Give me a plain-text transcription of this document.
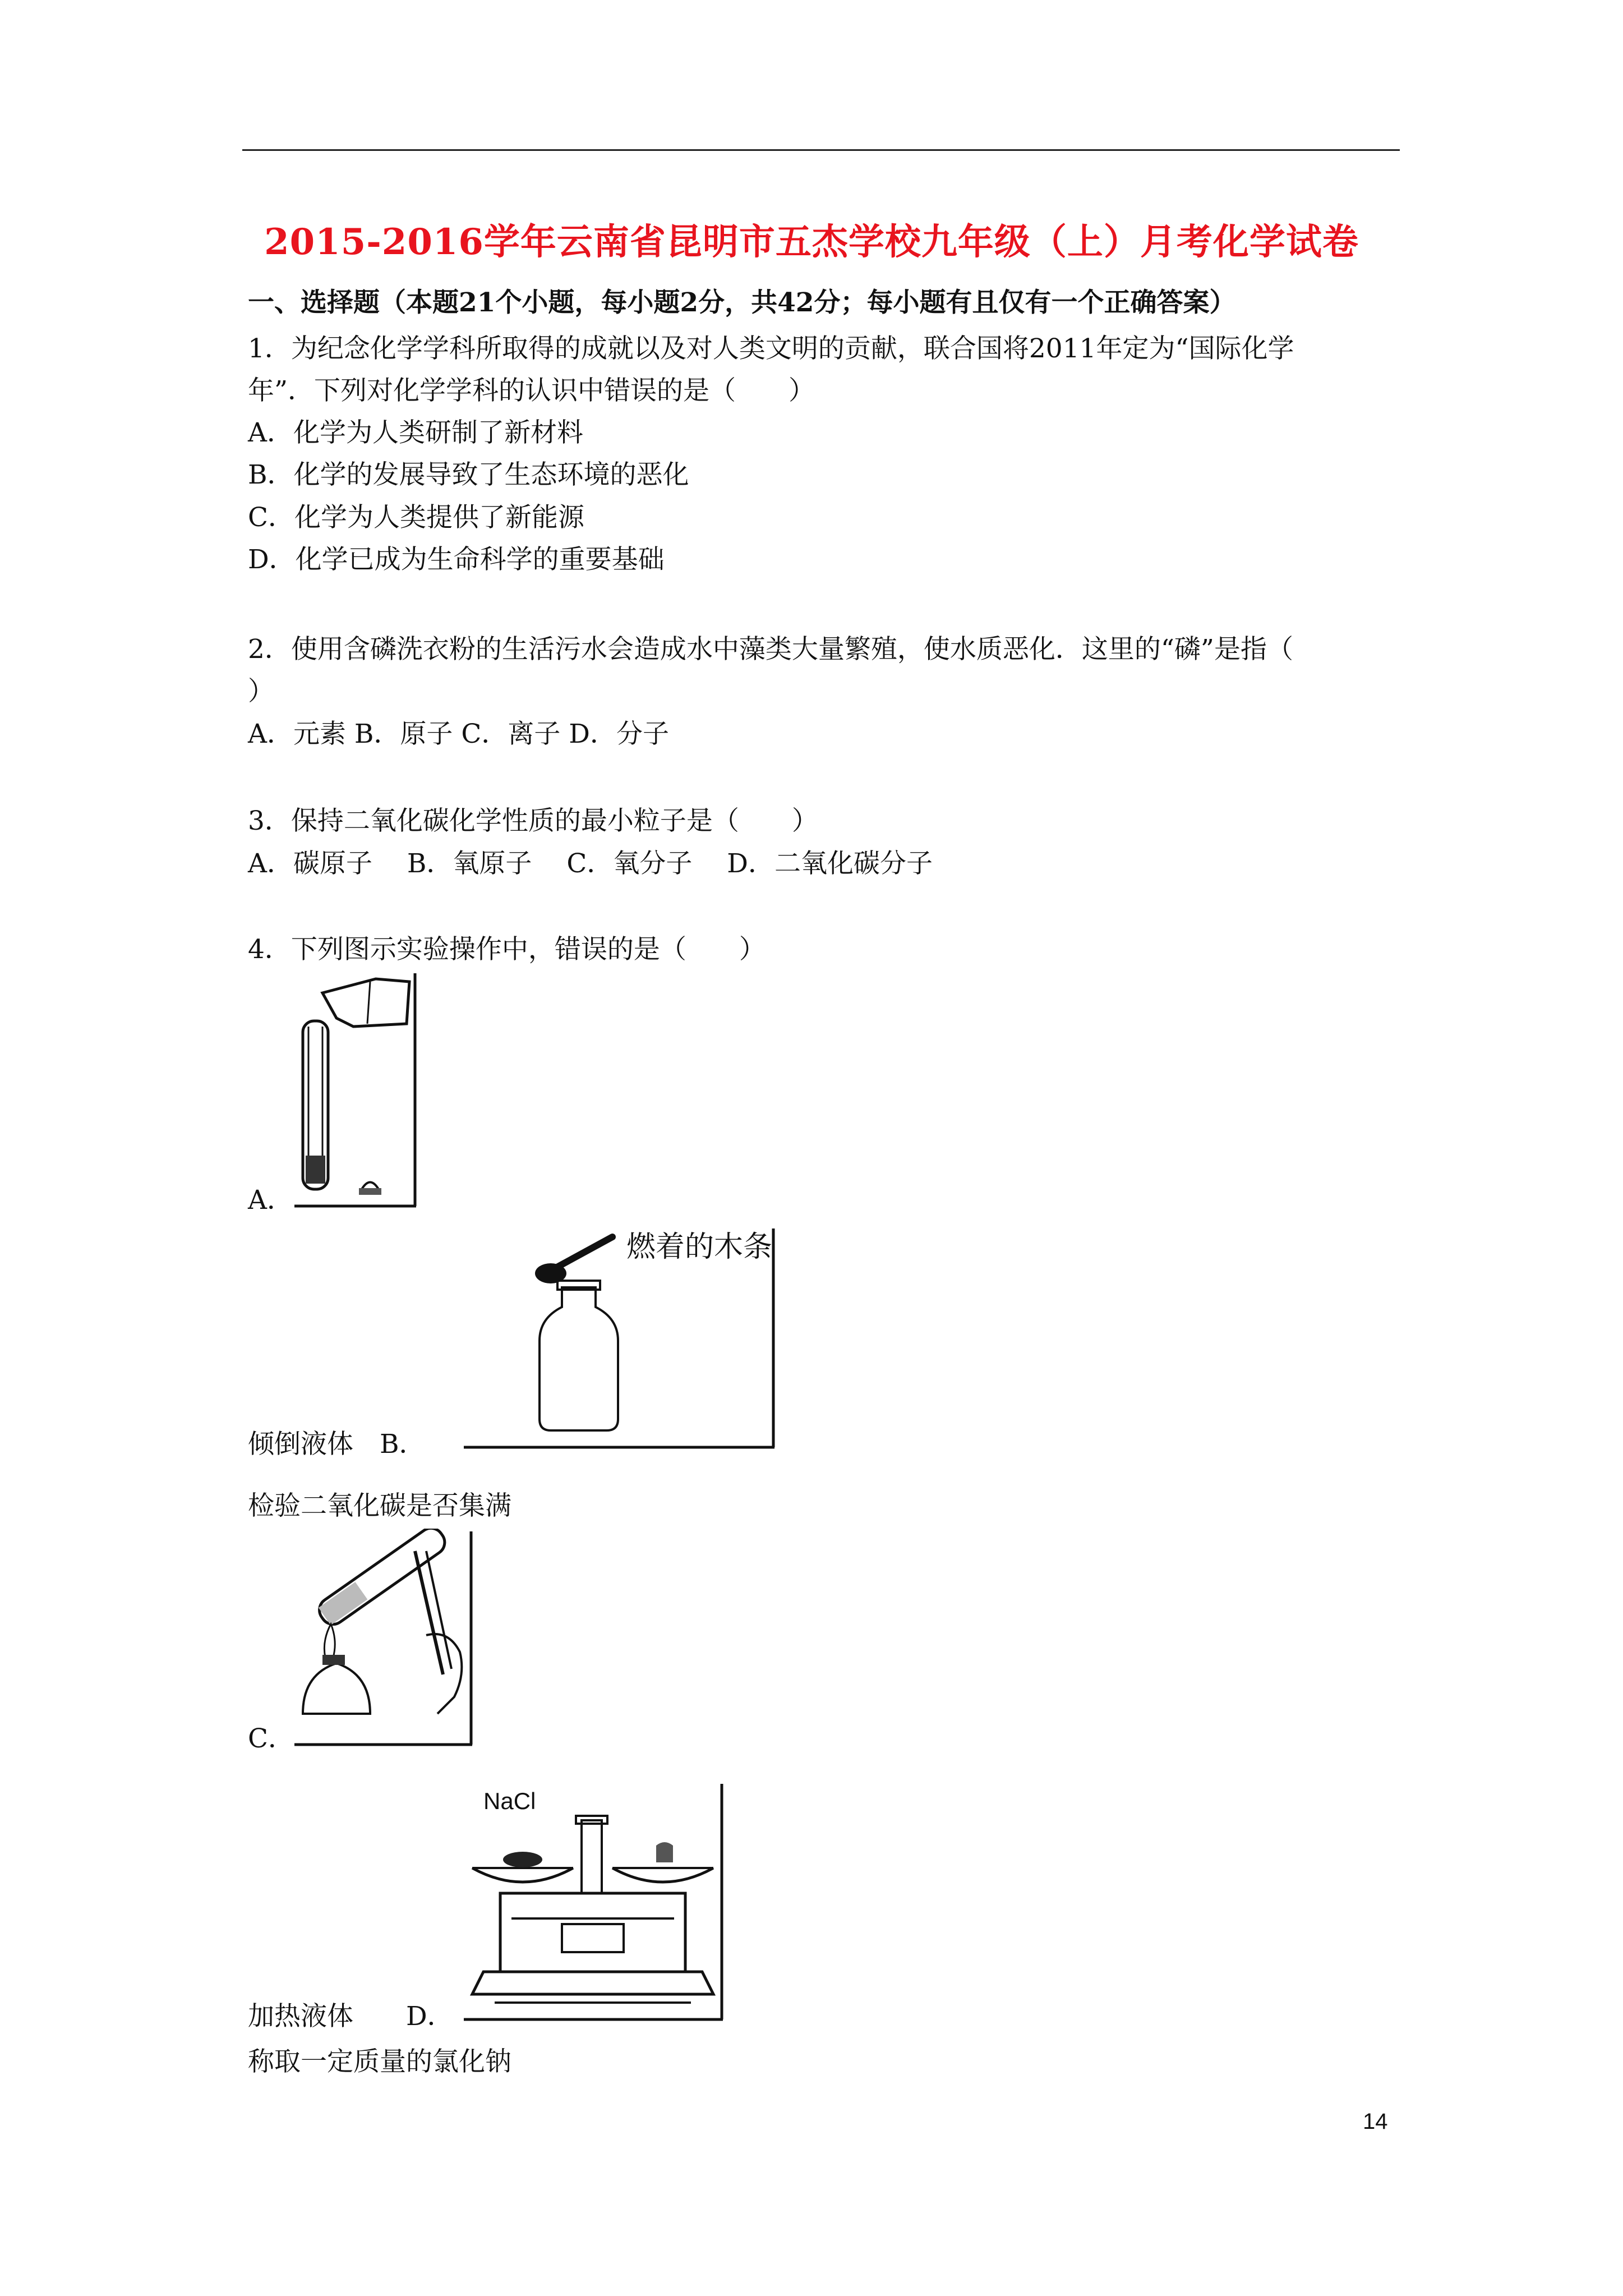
2015-2016学年云南省昆明市五杰学校九年级（上）月考化学试卷
一、选择题（本题21个小题，每小题2分，共42分；每小题有且仅有一个正确答案）
1．为纪念化学学科所取得的成就以及对人类文明的贡献，联合国将2011年定为“国际化学
年”．下列对化学学科的认识中错误的是（　　）
A．化学为人类研制了新材料
B．化学的发展导致了生态环境的恶化
C．化学为人类提供了新能源
D．化学已成为生命科学的重要基础
2．使用含磷洗衣粉的生活污水会造成水中藻类大量繁殖，使水质恶化．这里的“磷”是指（
）
A．元素 B．原子 C．离子 D．分子
3．保持二氧化碳化学性质的最小粒子是（　　）
A．碳原子　 B．氧原子　 C．氧分子　 D．二氧化碳分子
4．下列图示实验操作中，错误的是（　　）
A．
燃着的木条
倾倒液体　 B．
检验二氧化碳是否集满
C．
NaCl
加热液体　　 D．
称取一定质量的氯化钠
14
